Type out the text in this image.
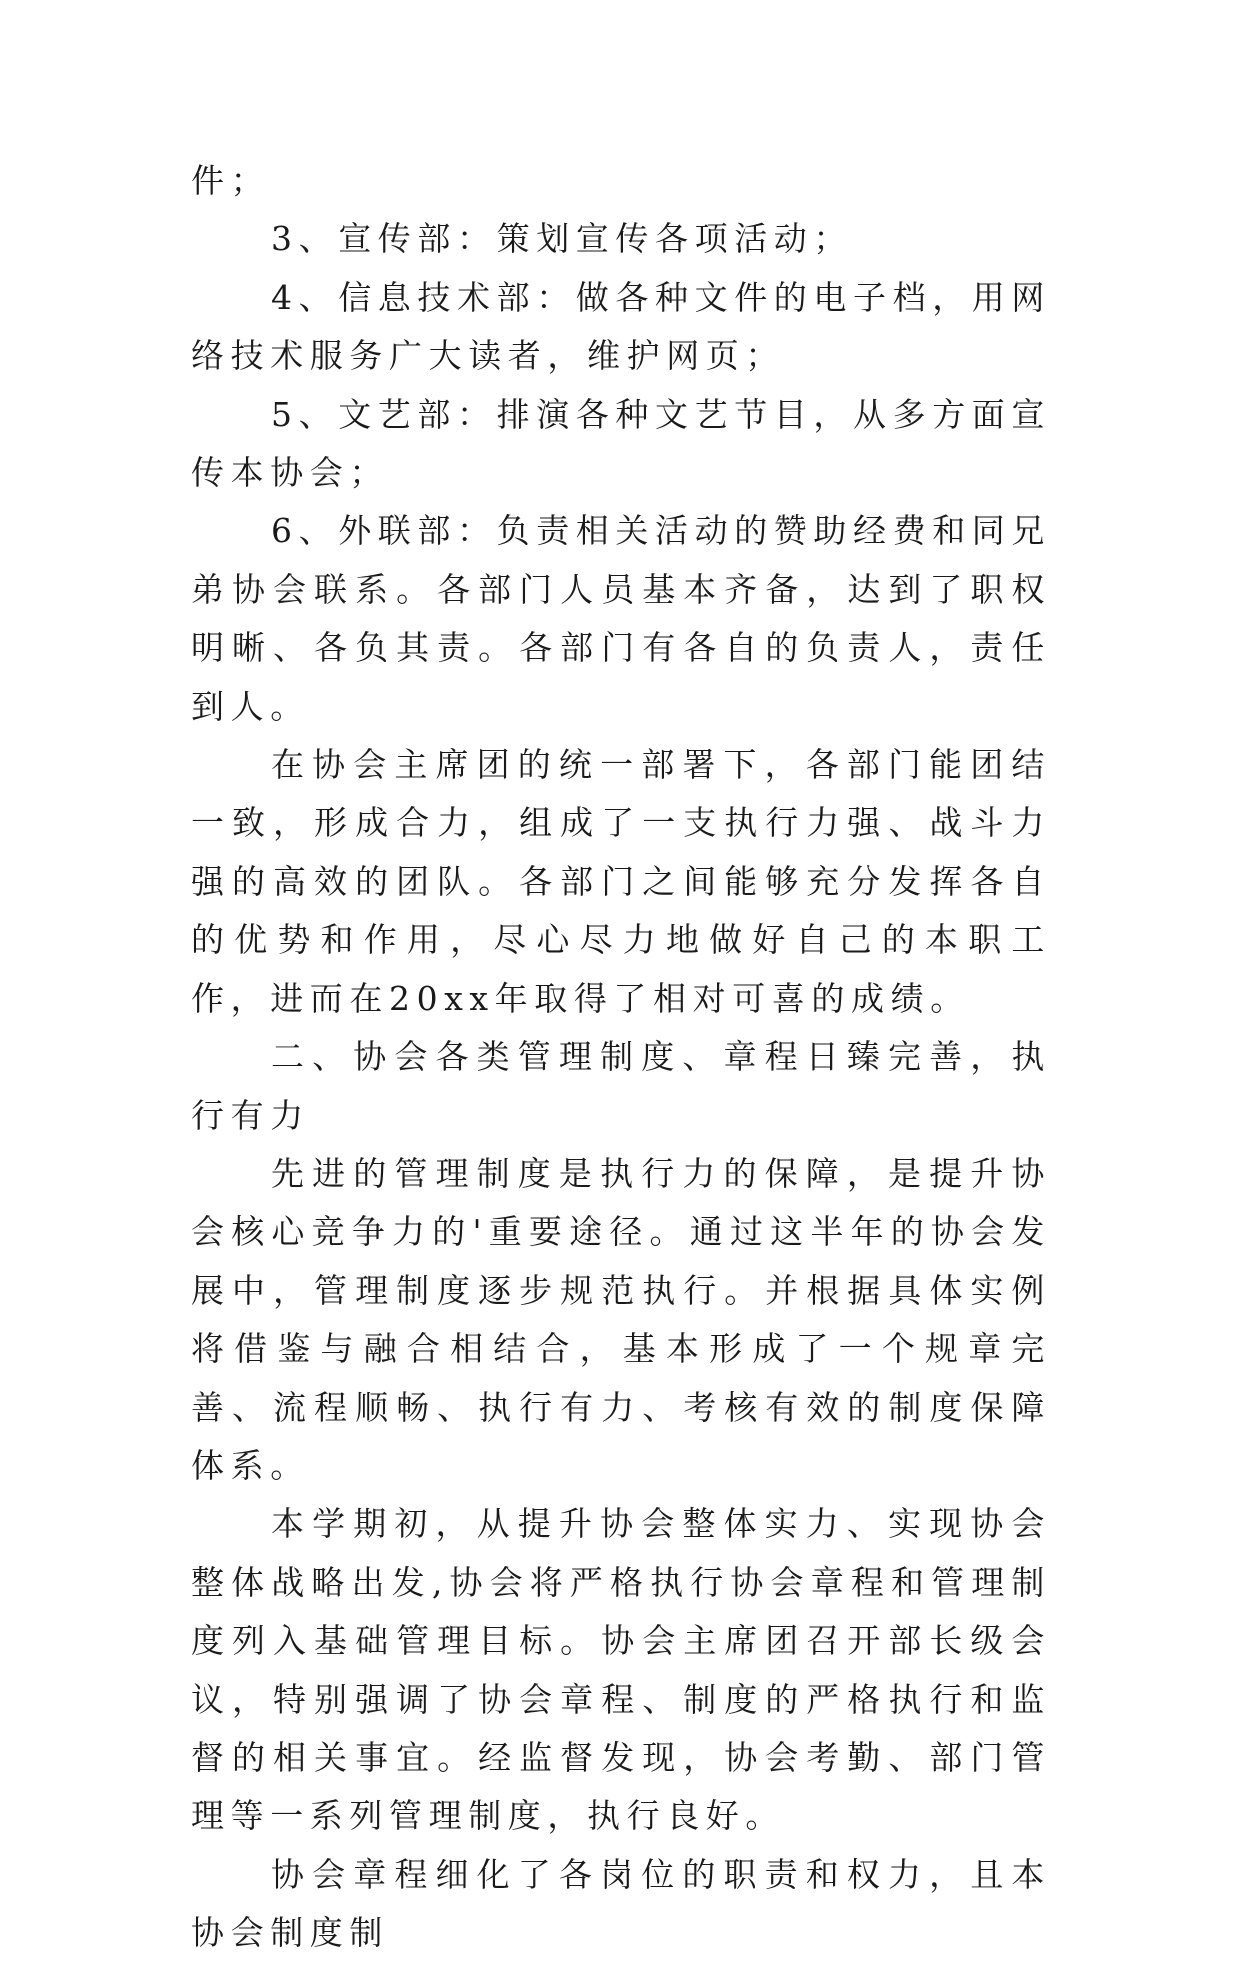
件；

3、宣传部：策划宣传各项活动；

4、信息技术部：做各种文件的电子档，用网络技术服务广大读者，维护网页；

5、文艺部：排演各种文艺节目，从多方面宣传本协会；

6、外联部：负责相关活动的赞助经费和同兄弟协会联系。各部门人员基本齐备，达到了职权明晰、各负其责。各部门有各自的负责人，责任到人。

在协会主席团的统一部署下，各部门能团结一致，形成合力，组成了一支执行力强、战斗力强的高效的团队。各部门之间能够充分发挥各自的优势和作用，尽心尽力地做好自己的本职工作，进而在20xx年取得了相对可喜的成绩。

二、协会各类管理制度、章程日臻完善，执行有力

先进的管理制度是执行力的保障，是提升协会核心竞争力的'重要途径。通过这半年的协会发展中，管理制度逐步规范执行。并根据具体实例将借鉴与融合相结合，基本形成了一个规章完善、流程顺畅、执行有力、考核有效的制度保障体系。

本学期初，从提升协会整体实力、实现协会整体战略出发,协会将严格执行协会章程和管理制度列入基础管理目标。协会主席团召开部长级会议，特别强调了协会章程、制度的严格执行和监督的相关事宜。经监督发现，协会考勤、部门管理等一系列管理制度，执行良好。

协会章程细化了各岗位的职责和权力，且本协会制度制
